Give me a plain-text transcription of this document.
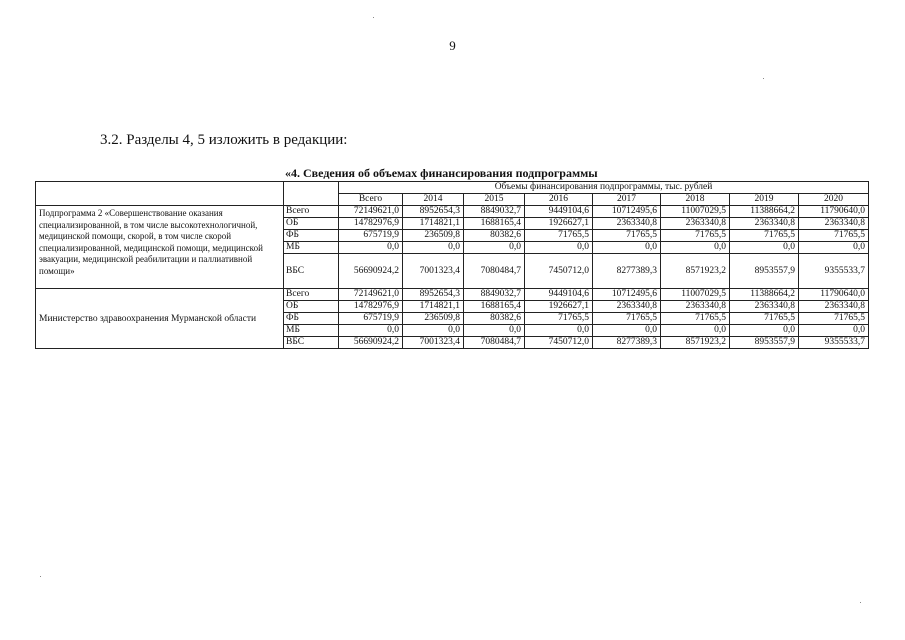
9
3.2. Разделы 4, 5 изложить в редакции:
«4. Сведения об объемах финансирования подпрограммы
		Объемы финансирования подпрограммы, тыс. рублей							
		Всего	2014	2015	2016	2017	2018	2019	2020
Подпрограмма 2 «Совершенствование оказания специализированной, в том числе высокотехнологичной, медицинской помощи, скорой, в том числе скорой специализированной, медицинской помощи, медицинской эвакуации, медицинской реабилитации и паллиативной помощи»	Всего	72149621,0	8952654,3	8849032,7	9449104,6	10712495,6	11007029,5	11388664,2	11790640,0
	ОБ	14782976,9	1714821,1	1688165,4	1926627,1	2363340,8	2363340,8	2363340,8	2363340,8
	ФБ	675719,9	236509,8	80382,6	71765,5	71765,5	71765,5	71765,5	71765,5
	МБ	0,0	0,0	0,0	0,0	0,0	0,0	0,0	0,0
	ВБС	56690924,2	7001323,4	7080484,7	7450712,0	8277389,3	8571923,2	8953557,9	9355533,7
Министерство здравоохранения Мурманской области	Всего	72149621,0	8952654,3	8849032,7	9449104,6	10712495,6	11007029,5	11388664,2	11790640,0
	ОБ	14782976,9	1714821,1	1688165,4	1926627,1	2363340,8	2363340,8	2363340,8	2363340,8
	ФБ	675719,9	236509,8	80382,6	71765,5	71765,5	71765,5	71765,5	71765,5
	МБ	0,0	0,0	0,0	0,0	0,0	0,0	0,0	0,0
	ВБС	56690924,2	7001323,4	7080484,7	7450712,0	8277389,3	8571923,2	8953557,9	9355533,7
